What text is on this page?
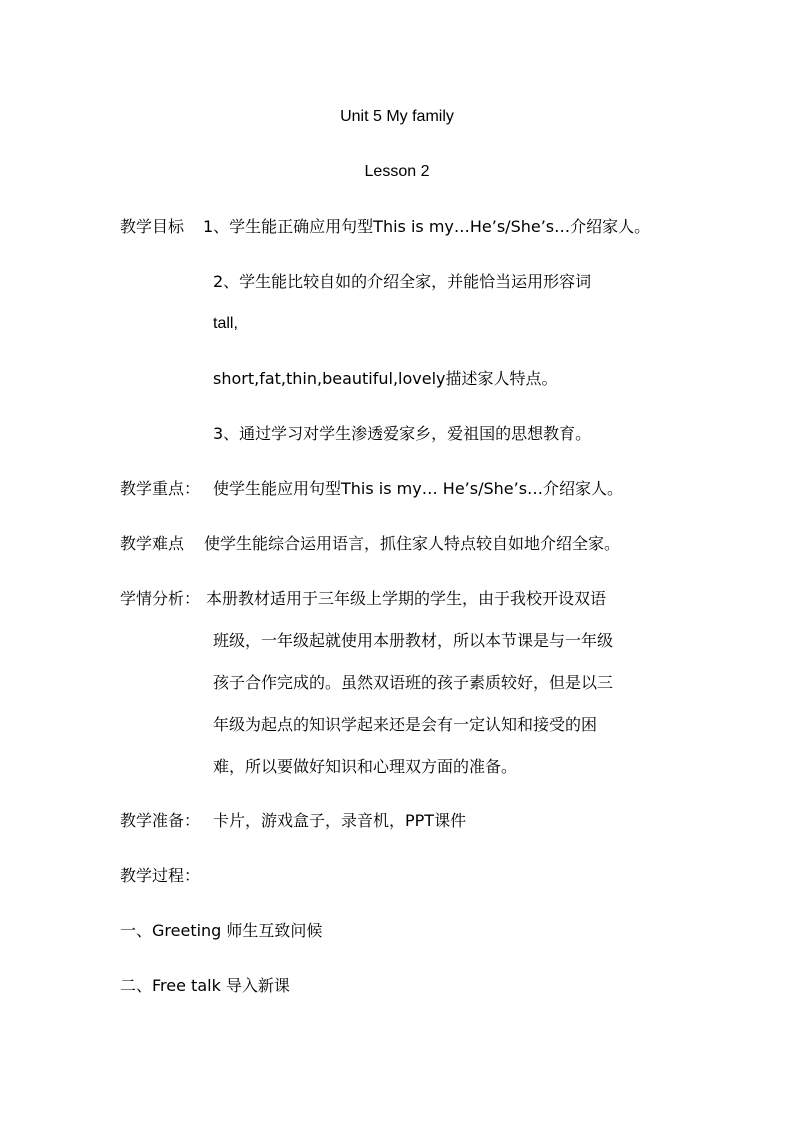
Unit 5 My family
Lesson 2
教学目标 1、学生能正确应用句型This is my…He’s/She’s…介绍家人。
2、学生能比较自如的介绍全家，并能恰当运用形容词
tall,
short,fat,thin,beautiful,lovely描述家人特点。
3、通过学习对学生渗透爱家乡，爱祖国的思想教育。
教学重点： 使学生能应用句型This is my… He’s/She’s…介绍家人。
教学难点 使学生能综合运用语言，抓住家人特点较自如地介绍全家。
学情分析： 本册教材适用于三年级上学期的学生，由于我校开设双语
班级，一年级起就使用本册教材，所以本节课是与一年级
孩子合作完成的。虽然双语班的孩子素质较好，但是以三
年级为起点的知识学起来还是会有一定认知和接受的困
难，所以要做好知识和心理双方面的准备。
教学准备： 卡片，游戏盒子，录音机，PPT课件
教学过程：
一、Greeting 师生互致问候
二、Free talk 导入新课
